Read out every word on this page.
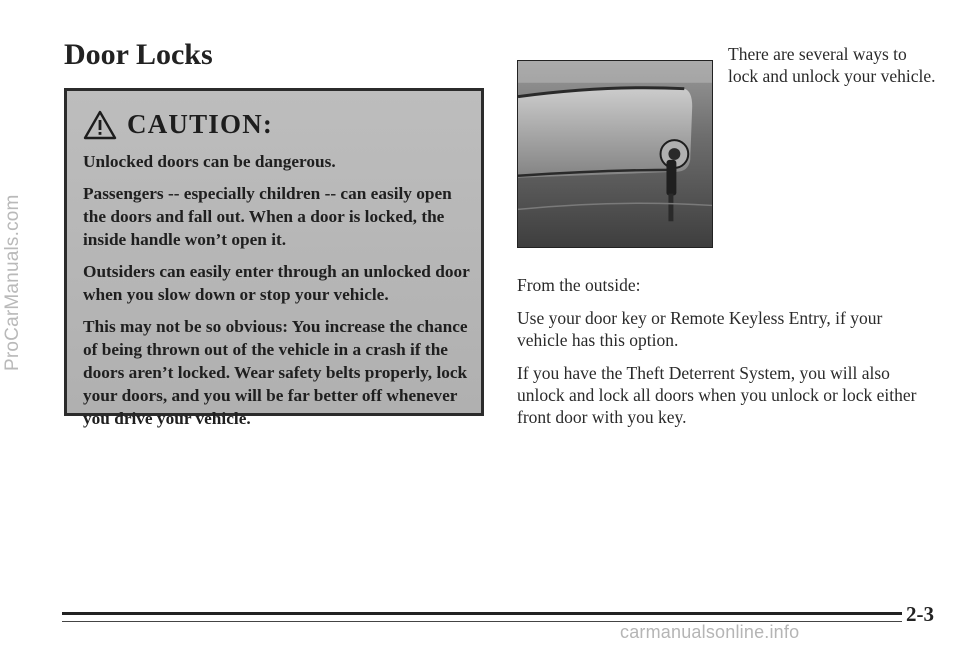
ProCarManuals.com
Door Locks
CAUTION:

Unlocked doors can be dangerous.

Passengers -- especially children -- can easily open the doors and fall out. When a door is locked, the inside handle won’t open it.

Outsiders can easily enter through an unlocked door when you slow down or stop your vehicle.

This may not be so obvious: You increase the chance of being thrown out of the vehicle in a crash if the doors aren’t locked. Wear safety belts properly, lock your doors, and you will be far better off whenever you drive your vehicle.

There are several ways to lock and unlock your vehicle.

From the outside:

Use your door key or Remote Keyless Entry, if your vehicle has this option.

If you have the Theft Deterrent System, you will also unlock and lock all doors when you unlock or lock either front door with you key.

2-3
carmanualsonline.info
